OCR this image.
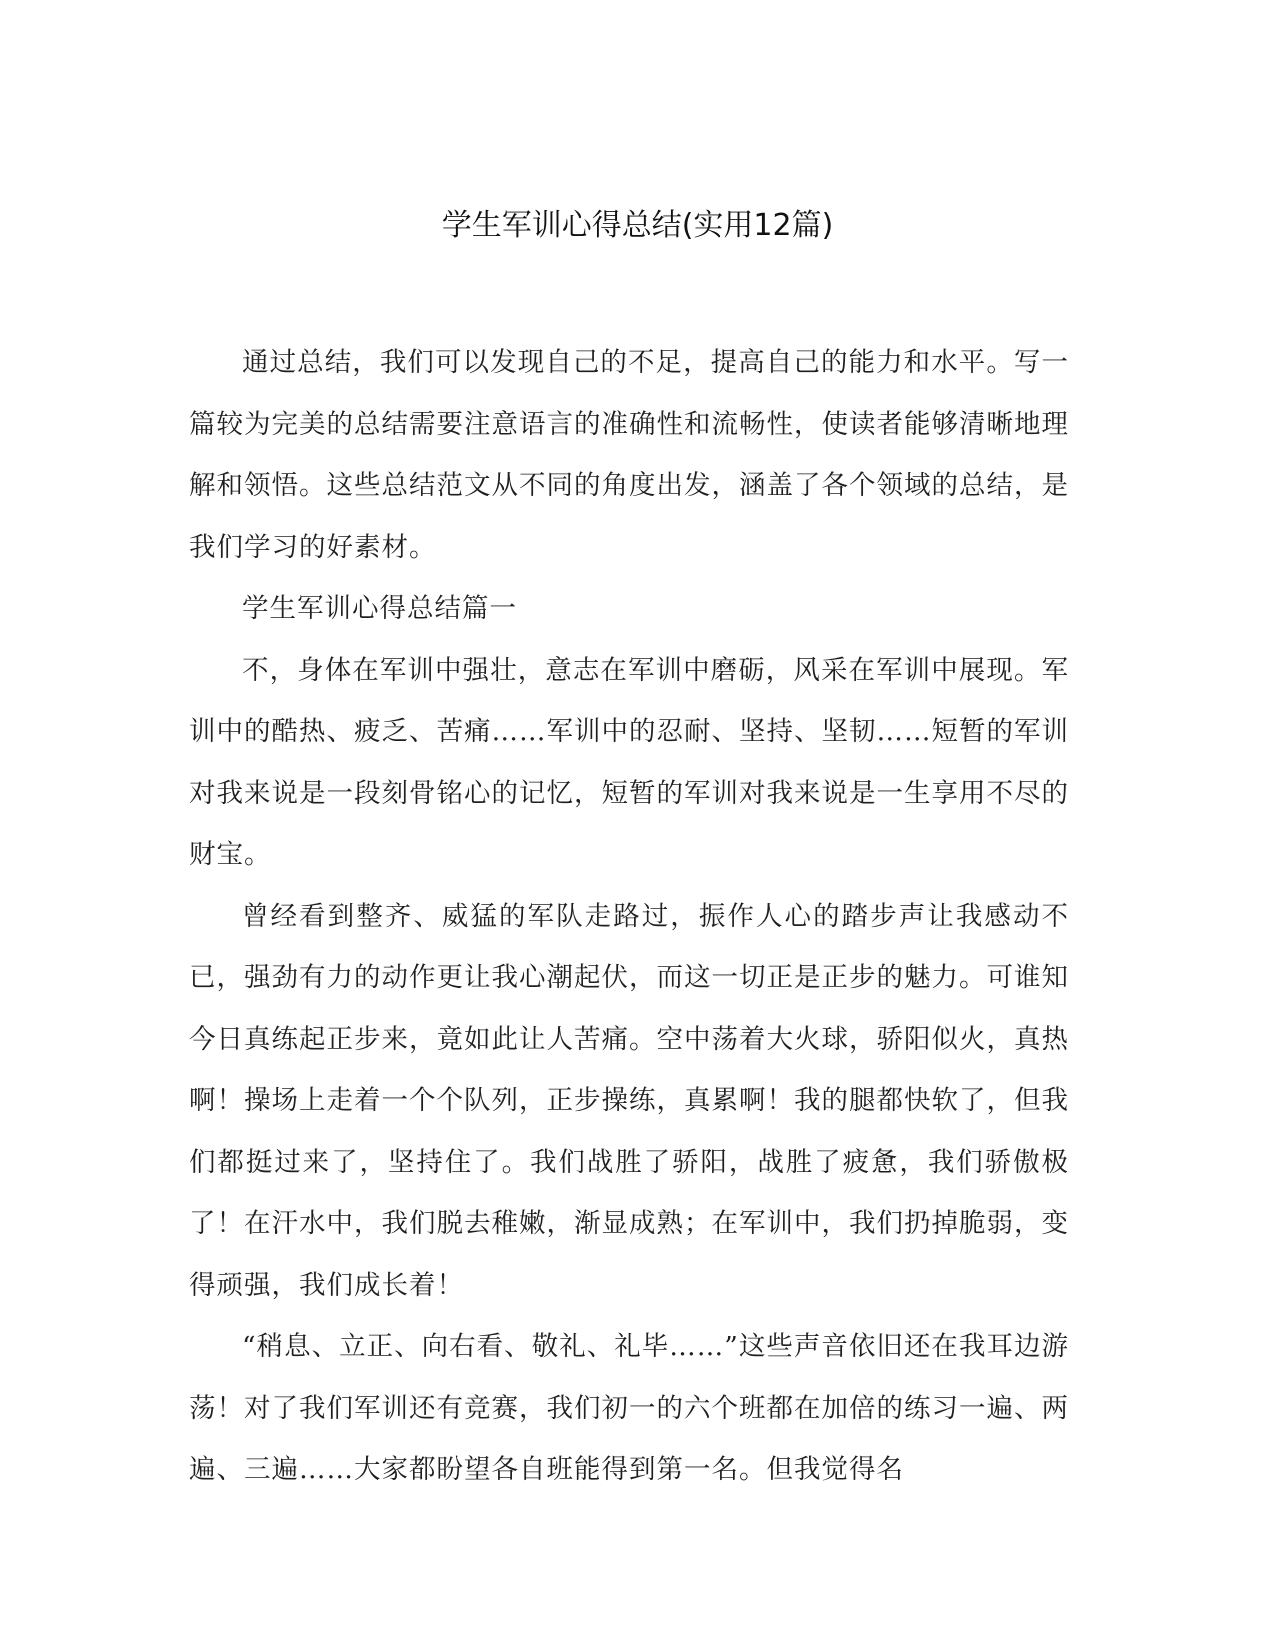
学生军训心得总结(实用12篇)

通过总结，我们可以发现自己的不足，提高自己的能力和水平。写一篇较为完美的总结需要注意语言的准确性和流畅性，使读者能够清晰地理解和领悟。这些总结范文从不同的角度出发，涵盖了各个领域的总结，是我们学习的好素材。

学生军训心得总结篇一

不，身体在军训中强壮，意志在军训中磨砺，风采在军训中展现。军训中的酷热、疲乏、苦痛……军训中的忍耐、坚持、坚韧……短暂的军训对我来说是一段刻骨铭心的记忆，短暂的军训对我来说是一生享用不尽的财宝。

曾经看到整齐、威猛的军队走路过，振作人心的踏步声让我感动不已，强劲有力的动作更让我心潮起伏，而这一切正是正步的魅力。可谁知今日真练起正步来，竟如此让人苦痛。空中荡着大火球，骄阳似火，真热啊！操场上走着一个个队列，正步操练，真累啊！我的腿都快软了，但我们都挺过来了，坚持住了。我们战胜了骄阳，战胜了疲惫，我们骄傲极了！在汗水中，我们脱去稚嫩，渐显成熟；在军训中，我们扔掉脆弱，变得顽强，我们成长着！

“稍息、立正、向右看、敬礼、礼毕……”这些声音依旧还在我耳边游荡！对了我们军训还有竞赛，我们初一的六个班都在加倍的练习一遍、两遍、三遍……大家都盼望各自班能得到第一名。但我觉得名
